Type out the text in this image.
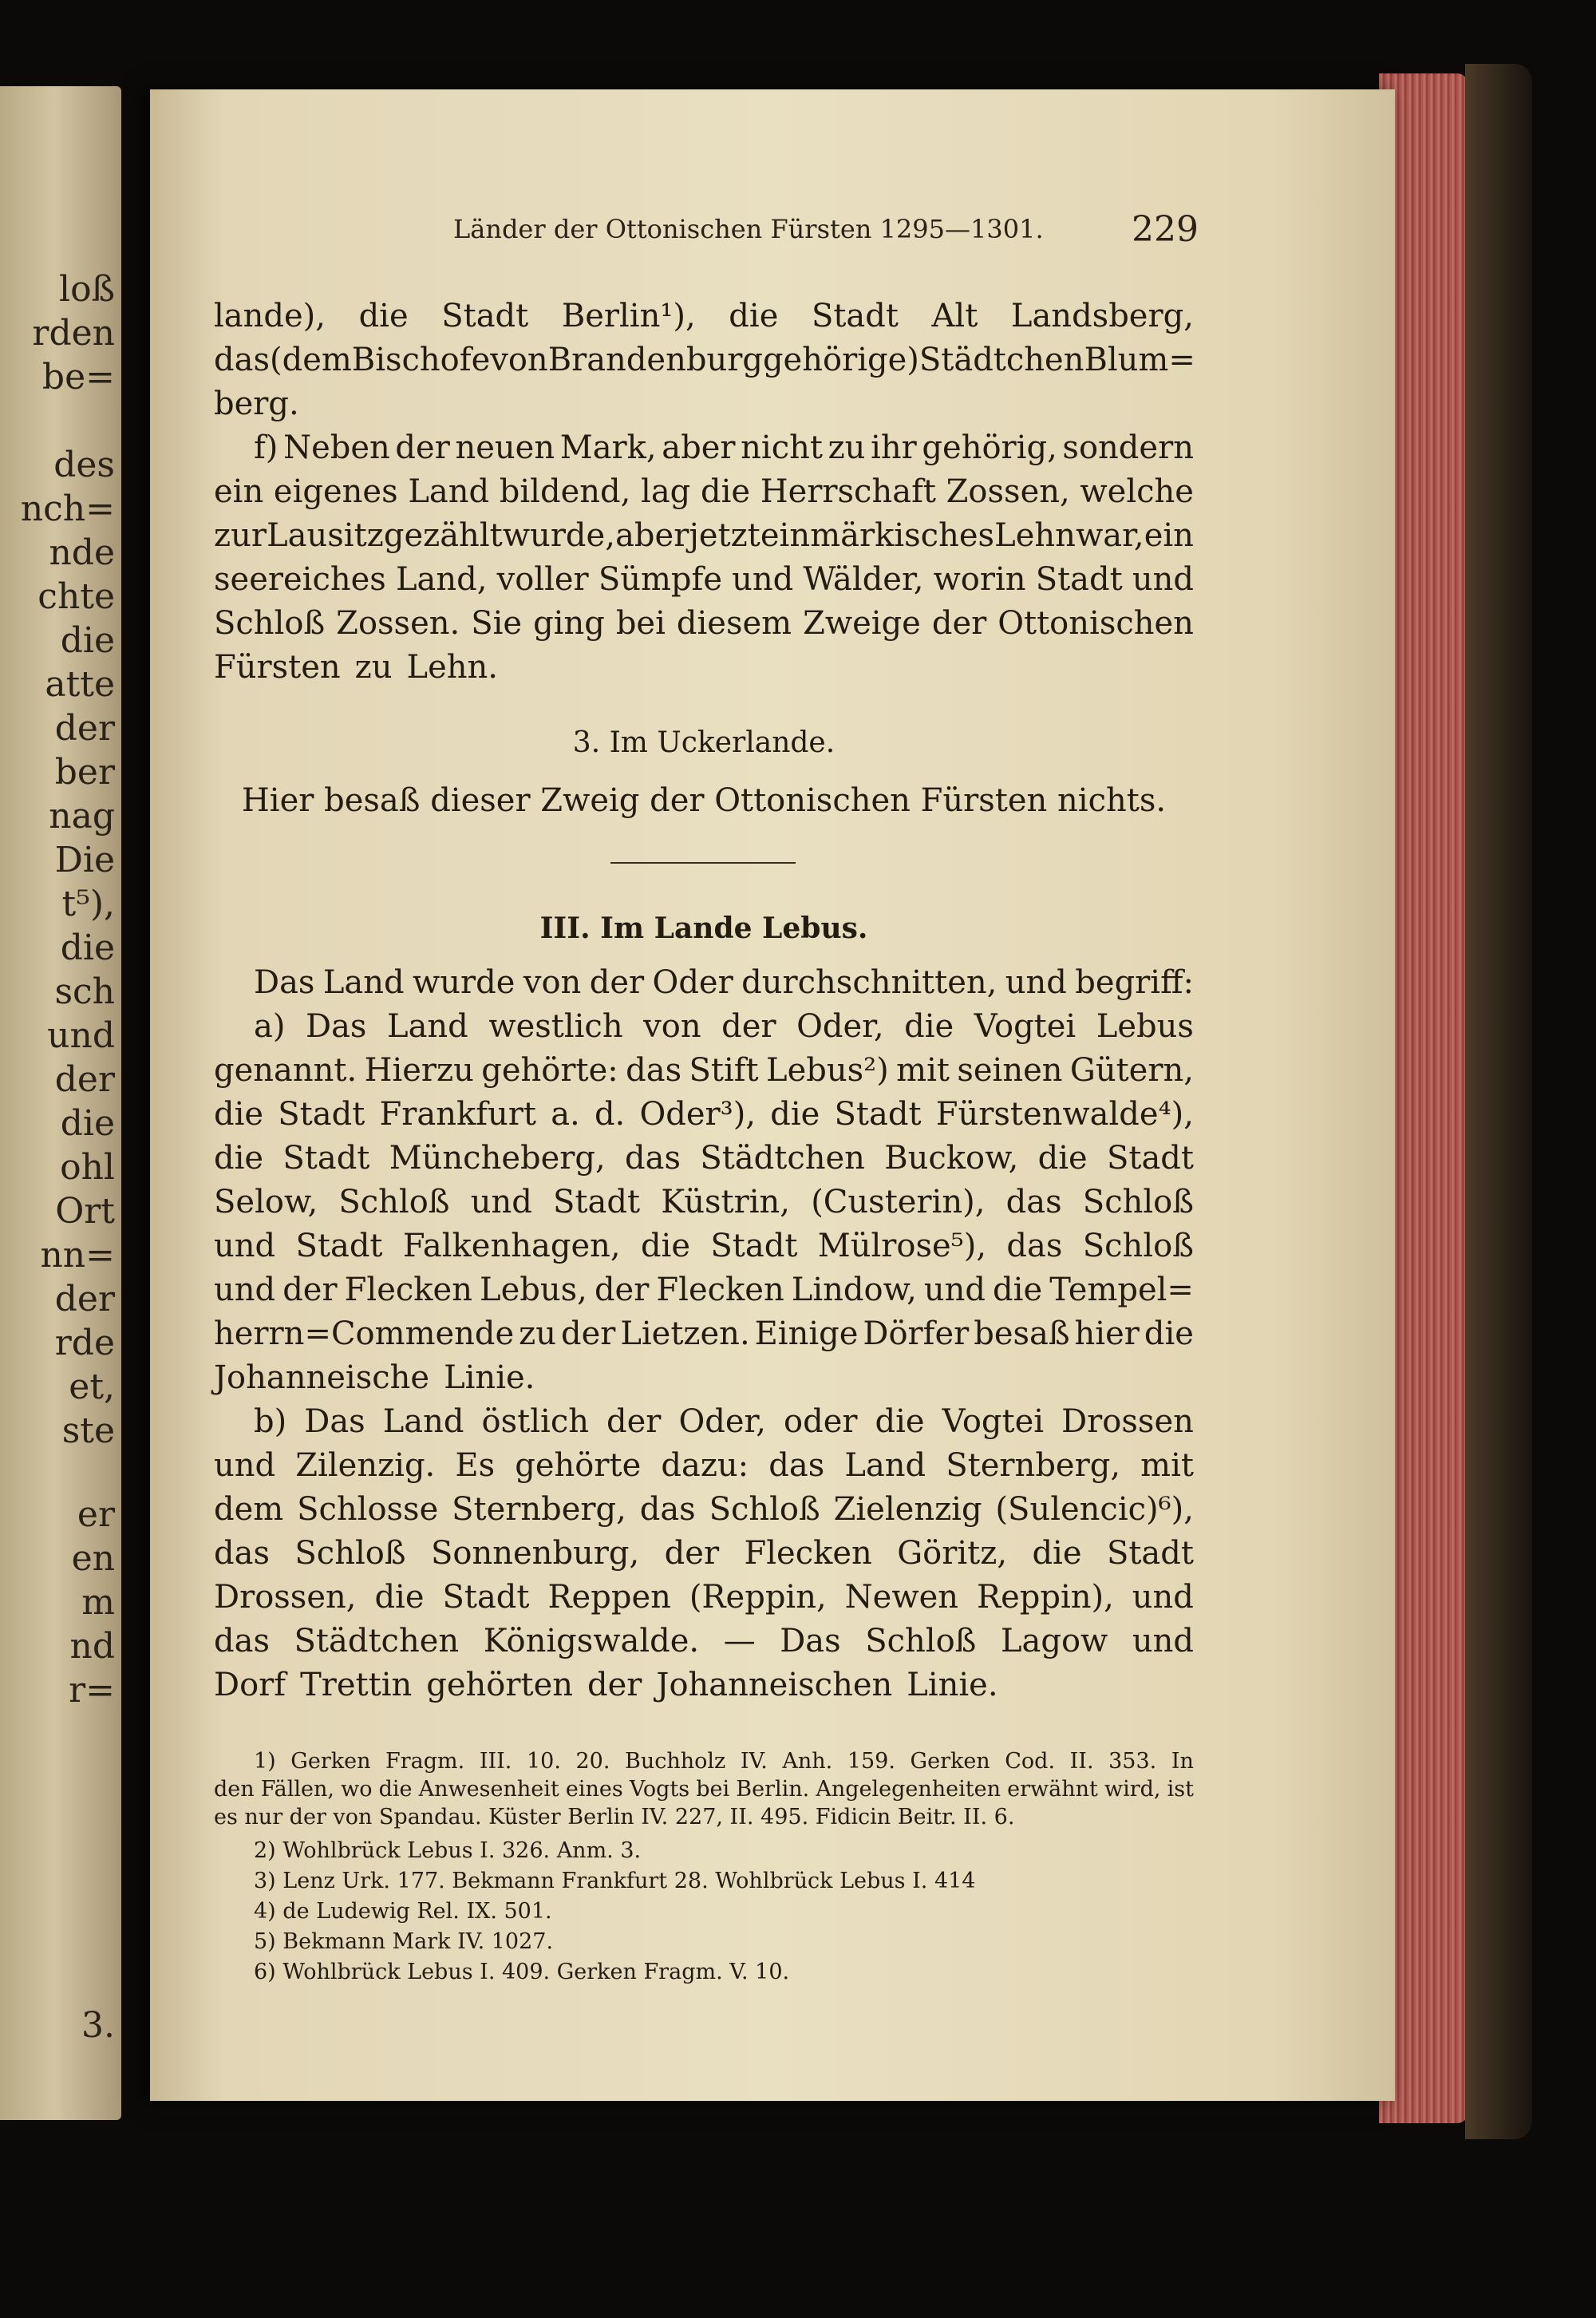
loß
rden
be=
des
nch=
nde
chte
die
atte
der
ber
nag
Die
t⁵),
die
sch
und
der
die
ohl
Ort
nn=
der
rde
et,
ste
er
en
m
nd
r=
3.
Länder der Ottonischen Fürsten 1295—1301.	229
lande), die Stadt Berlin¹), die Stadt Alt Landsberg,
das (dem Bischofe von Brandenburg gehörige) Städtchen Blum=
berg.
f) Neben der neuen Mark, aber nicht zu ihr gehörig, sondern
ein eigenes Land bildend, lag die Herrschaft Zossen, welche
zur Lausitz gezählt wurde, aber jetzt ein märkisches Lehn war, ein
seereiches Land, voller Sümpfe und Wälder, worin Stadt und
Schloß Zossen. Sie ging bei diesem Zweige der Ottonischen
Fürsten zu Lehn.
3. Im Uckerlande.
Hier besaß dieser Zweig der Ottonischen Fürsten nichts.
III. Im Lande Lebus.
Das Land wurde von der Oder durchschnitten, und begriff:
a) Das Land westlich von der Oder, die Vogtei Lebus
genannt. Hierzu gehörte: das Stift Lebus²) mit seinen Gütern,
die Stadt Frankfurt a. d. Oder³), die Stadt Fürstenwalde⁴),
die Stadt Müncheberg, das Städtchen Buckow, die Stadt
Selow, Schloß und Stadt Küstrin, (Custerin), das Schloß
und Stadt Falkenhagen, die Stadt Mülrose⁵), das Schloß
und der Flecken Lebus, der Flecken Lindow, und die Tempel=
herrn=Commende zu der Lietzen. Einige Dörfer besaß hier die
Johanneische Linie.
b) Das Land östlich der Oder, oder die Vogtei Drossen
und Zilenzig. Es gehörte dazu: das Land Sternberg, mit
dem Schlosse Sternberg, das Schloß Zielenzig (Sulencic)⁶),
das Schloß Sonnenburg, der Flecken Göritz, die Stadt
Drossen, die Stadt Reppen (Reppin, Newen Reppin), und
das Städtchen Königswalde. — Das Schloß Lagow und
Dorf Trettin gehörten der Johanneischen Linie.
1) Gerken Fragm. III. 10. 20. Buchholz IV. Anh. 159. Gerken Cod. II. 353. In
den Fällen, wo die Anwesenheit eines Vogts bei Berlin. Angelegenheiten erwähnt wird, ist
es nur der von Spandau. Küster Berlin IV. 227, II. 495. Fidicin Beitr. II. 6.
2) Wohlbrück Lebus I. 326. Anm. 3.
3) Lenz Urk. 177. Bekmann Frankfurt 28. Wohlbrück Lebus I. 414
4) de Ludewig Rel. IX. 501.
5) Bekmann Mark IV. 1027.
6) Wohlbrück Lebus I. 409. Gerken Fragm. V. 10.
